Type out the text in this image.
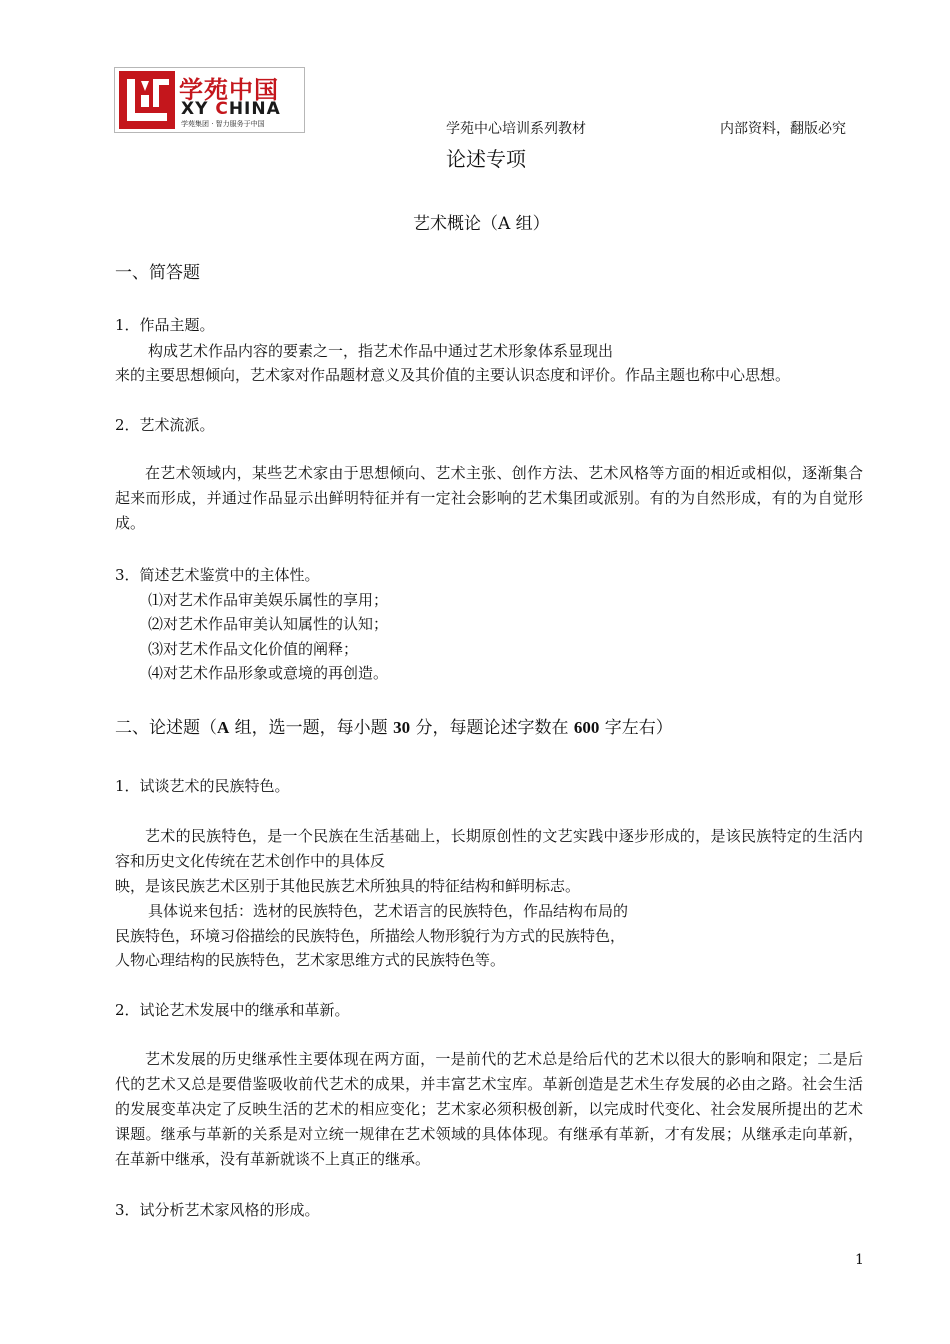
学苑中国
XY CHINA
学苑集团 · 智力服务于中国	学苑中心培训系列教材	内部资料，翻版必究
论述专项
艺术概论（A 组）
一、简答题
1．作品主题。
构成艺术作品内容的要素之一，指艺术作品中通过艺术形象体系显现出
来的主要思想倾向，艺术家对作品题材意义及其价值的主要认识态度和评价。作品主题也称中心思想。
2．艺术流派。
在艺术领域内，某些艺术家由于思想倾向、艺术主张、创作方法、艺术风格等方面的相近或相似，逐渐集合起来而形成，并通过作品显示出鲜明特征并有一定社会影响的艺术集团或派别。有的为自然形成，有的为自觉形成。
3．简述艺术鉴赏中的主体性。
⑴对艺术作品审美娱乐属性的享用；
⑵对艺术作品审美认知属性的认知；
⑶对艺术作品文化价值的阐释；
⑷对艺术作品形象或意境的再创造。
二、论述题（A 组，选一题，每小题 30 分，每题论述字数在 600 字左右）
1．试谈艺术的民族特色。
艺术的民族特色，是一个民族在生活基础上，长期原创性的文艺实践中逐步形成的，是该民族特定的生活内容和历史文化传统在艺术创作中的具体反
映，是该民族艺术区别于其他民族艺术所独具的特征结构和鲜明标志。
具体说来包括：选材的民族特色，艺术语言的民族特色，作品结构布局的
民族特色，环境习俗描绘的民族特色，所描绘人物形貌行为方式的民族特色，
人物心理结构的民族特色，艺术家思维方式的民族特色等。
2．试论艺术发展中的继承和革新。
艺术发展的历史继承性主要体现在两方面，一是前代的艺术总是给后代的艺术以很大的影响和限定；二是后代的艺术又总是要借鉴吸收前代艺术的成果，并丰富艺术宝库。革新创造是艺术生存发展的必由之路。社会生活的发展变革决定了反映生活的艺术的相应变化；艺术家必须积极创新，以完成时代变化、社会发展所提出的艺术课题。继承与革新的关系是对立统一规律在艺术领域的具体体现。有继承有革新，才有发展；从继承走向革新，在革新中继承，没有革新就谈不上真正的继承。
3．试分析艺术家风格的形成。
1
